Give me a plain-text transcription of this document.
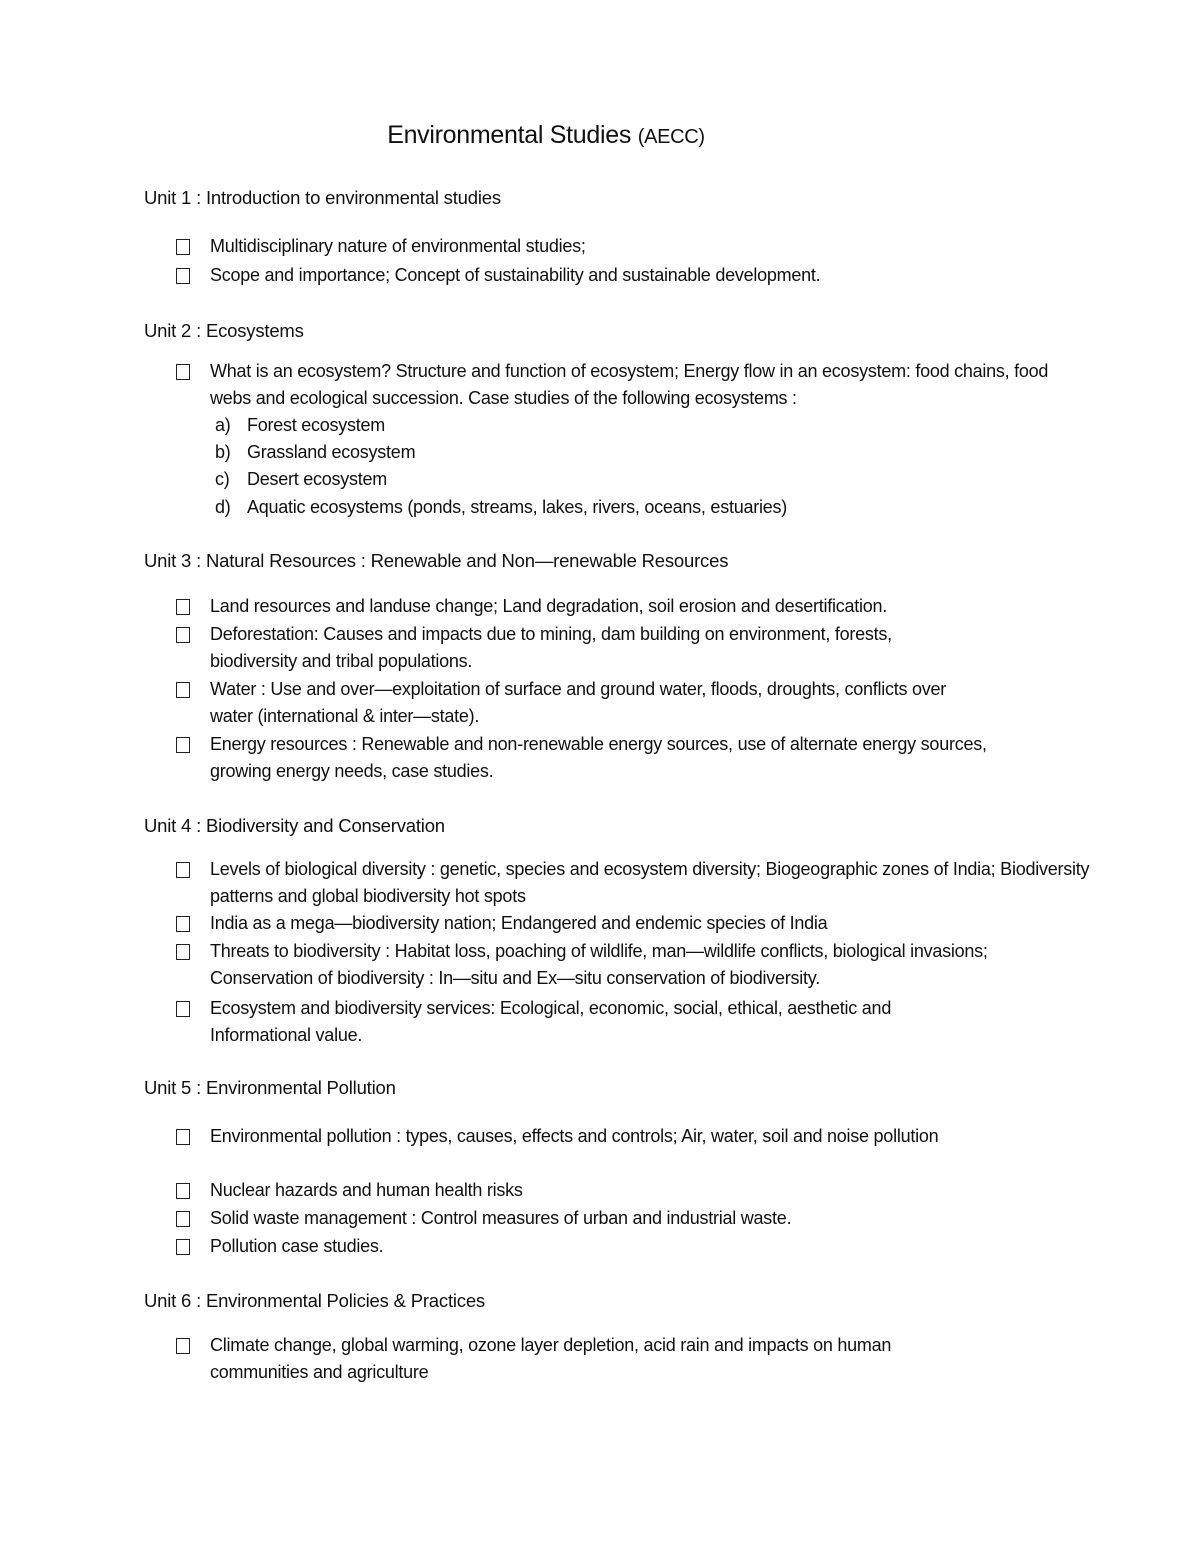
Environmental Studies (AECC)
Unit 1 : Introduction to environmental studies
Multidisciplinary nature of environmental studies;
Scope and importance; Concept of sustainability and sustainable development.
Unit 2 : Ecosystems
What is an ecosystem? Structure and function of ecosystem; Energy flow in an ecosystem: food chains, food webs and ecological succession. Case studies of the following ecosystems :
a) Forest ecosystem
b) Grassland ecosystem
c) Desert ecosystem
d) Aquatic ecosystems (ponds, streams, lakes, rivers, oceans, estuaries)
Unit 3 : Natural Resources : Renewable and Non—renewable Resources
Land resources and landuse change; Land degradation, soil erosion and desertification.
Deforestation: Causes and impacts due to mining, dam building on environment, forests, biodiversity and tribal populations.
Water : Use and over—exploitation of surface and ground water, floods, droughts, conflicts over water (international & inter—state).
Energy resources : Renewable and non-renewable energy sources, use of alternate energy sources, growing energy needs, case studies.
Unit 4 : Biodiversity and Conservation
Levels of biological diversity : genetic, species and ecosystem diversity; Biogeographic zones of India; Biodiversity patterns and global biodiversity hot spots
India as a mega—biodiversity nation; Endangered and endemic species of India
Threats to biodiversity : Habitat loss, poaching of wildlife, man—wildlife conflicts, biological invasions; Conservation of biodiversity : In—situ and Ex—situ conservation of biodiversity.
Ecosystem and biodiversity services: Ecological, economic, social, ethical, aesthetic and Informational value.
Unit 5 : Environmental Pollution
Environmental pollution : types, causes, effects and controls; Air, water, soil and noise pollution
Nuclear hazards and human health risks
Solid waste management : Control measures of urban and industrial waste.
Pollution case studies.
Unit 6 : Environmental Policies & Practices
Climate change, global warming, ozone layer depletion, acid rain and impacts on human communities and agriculture
